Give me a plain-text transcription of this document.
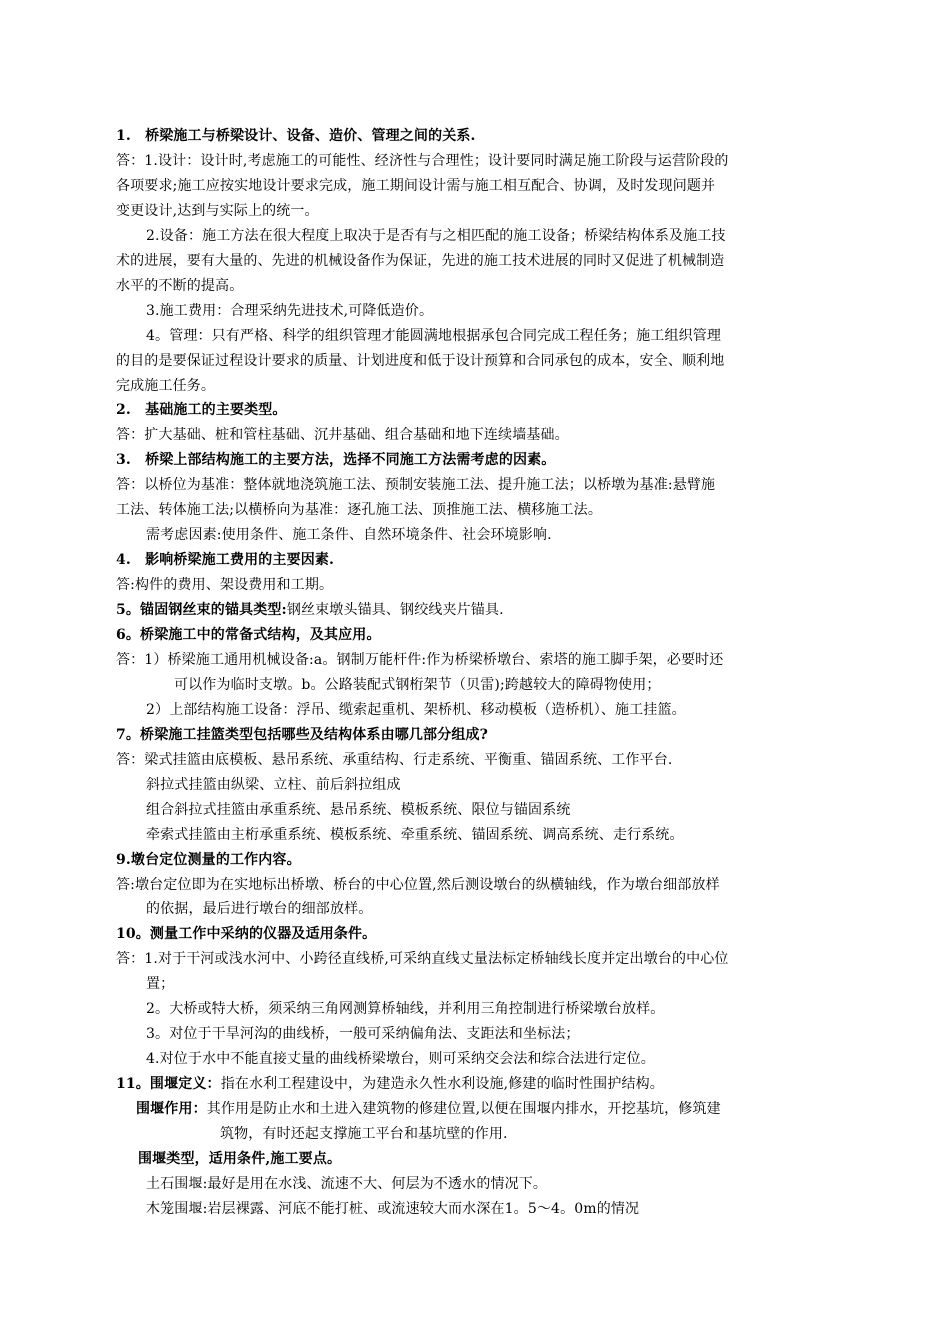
1.　桥梁施工与桥梁设计、设备、造价、管理之间的关系.
答：1.设计：设计时,考虑施工的可能性、经济性与合理性；设计要同时满足施工阶段与运营阶段的
各项要求;施工应按实地设计要求完成，施工期间设计需与施工相互配合、协调，及时发现问题并
变更设计,达到与实际上的统一。
2.设备：施工方法在很大程度上取决于是否有与之相匹配的施工设备；桥梁结构体系及施工技
术的进展，要有大量的、先进的机械设备作为保证，先进的施工技术进展的同时又促进了机械制造
水平的不断的提高。
3.施工费用：合理采纳先进技术,可降低造价。
4。管理：只有严格、科学的组织管理才能圆满地根据承包合同完成工程任务；施工组织管理
的目的是要保证过程设计要求的质量、计划进度和低于设计预算和合同承包的成本，安全、顺利地
完成施工任务。
2.　基础施工的主要类型。
答：扩大基础、桩和管柱基础、沉井基础、组合基础和地下连续墙基础。
3.　桥梁上部结构施工的主要方法，选择不同施工方法需考虑的因素。
答：以桥位为基准：整体就地浇筑施工法、预制安装施工法、提升施工法；以桥墩为基准:悬臂施
工法、转体施工法;以横桥向为基准：逐孔施工法、顶推施工法、横移施工法。
需考虑因素:使用条件、施工条件、自然环境条件、社会环境影响.
4.　影响桥梁施工费用的主要因素.
答:构件的费用、架设费用和工期。
5。锚固钢丝束的锚具类型:钢丝束墩头锚具、钢绞线夹片锚具.
6。桥梁施工中的常备式结构，及其应用。
答：1）桥梁施工通用机械设备:a。钢制万能杆件:作为桥梁桥墩台、索塔的施工脚手架，必要时还
可以作为临时支墩。b。公路装配式钢桁架节（贝雷);跨越较大的障碍物使用；
2）上部结构施工设备：浮吊、缆索起重机、架桥机、移动模板（造桥机）、施工挂篮。
7。桥梁施工挂篮类型包括哪些及结构体系由哪几部分组成?
答：梁式挂篮由底模板、悬吊系统、承重结构、行走系统、平衡重、锚固系统、工作平台.
斜拉式挂篮由纵梁、立柱、前后斜拉组成
组合斜拉式挂篮由承重系统、悬吊系统、模板系统、限位与锚固系统
牵索式挂篮由主桁承重系统、模板系统、牵重系统、锚固系统、调高系统、走行系统。
9.墩台定位测量的工作内容。
答:墩台定位即为在实地标出桥墩、桥台的中心位置,然后测设墩台的纵横轴线，作为墩台细部放样
的依据，最后进行墩台的细部放样。
10。测量工作中采纳的仪器及适用条件。
答：1.对于干河或浅水河中、小跨径直线桥,可采纳直线丈量法标定桥轴线长度并定出墩台的中心位
置；
2。大桥或特大桥，须采纳三角网测算桥轴线，并利用三角控制进行桥梁墩台放样。
3。对位于干旱河沟的曲线桥，一般可采纳偏角法、支距法和坐标法；
4.对位于水中不能直接丈量的曲线桥梁墩台，则可采纳交会法和综合法进行定位。
11。围堰定义：指在水利工程建设中，为建造永久性水利设施,修建的临时性围护结构。
围堰作用：其作用是防止水和土进入建筑物的修建位置,以便在围堰内排水，开挖基坑，修筑建
筑物，有时还起支撑施工平台和基坑壁的作用.
围堰类型，适用条件,施工要点。
土石围堰:最好是用在水浅、流速不大、何层为不透水的情况下。
木笼围堰:岩层裸露、河底不能打桩、或流速较大而水深在1。5～4。0m的情况
